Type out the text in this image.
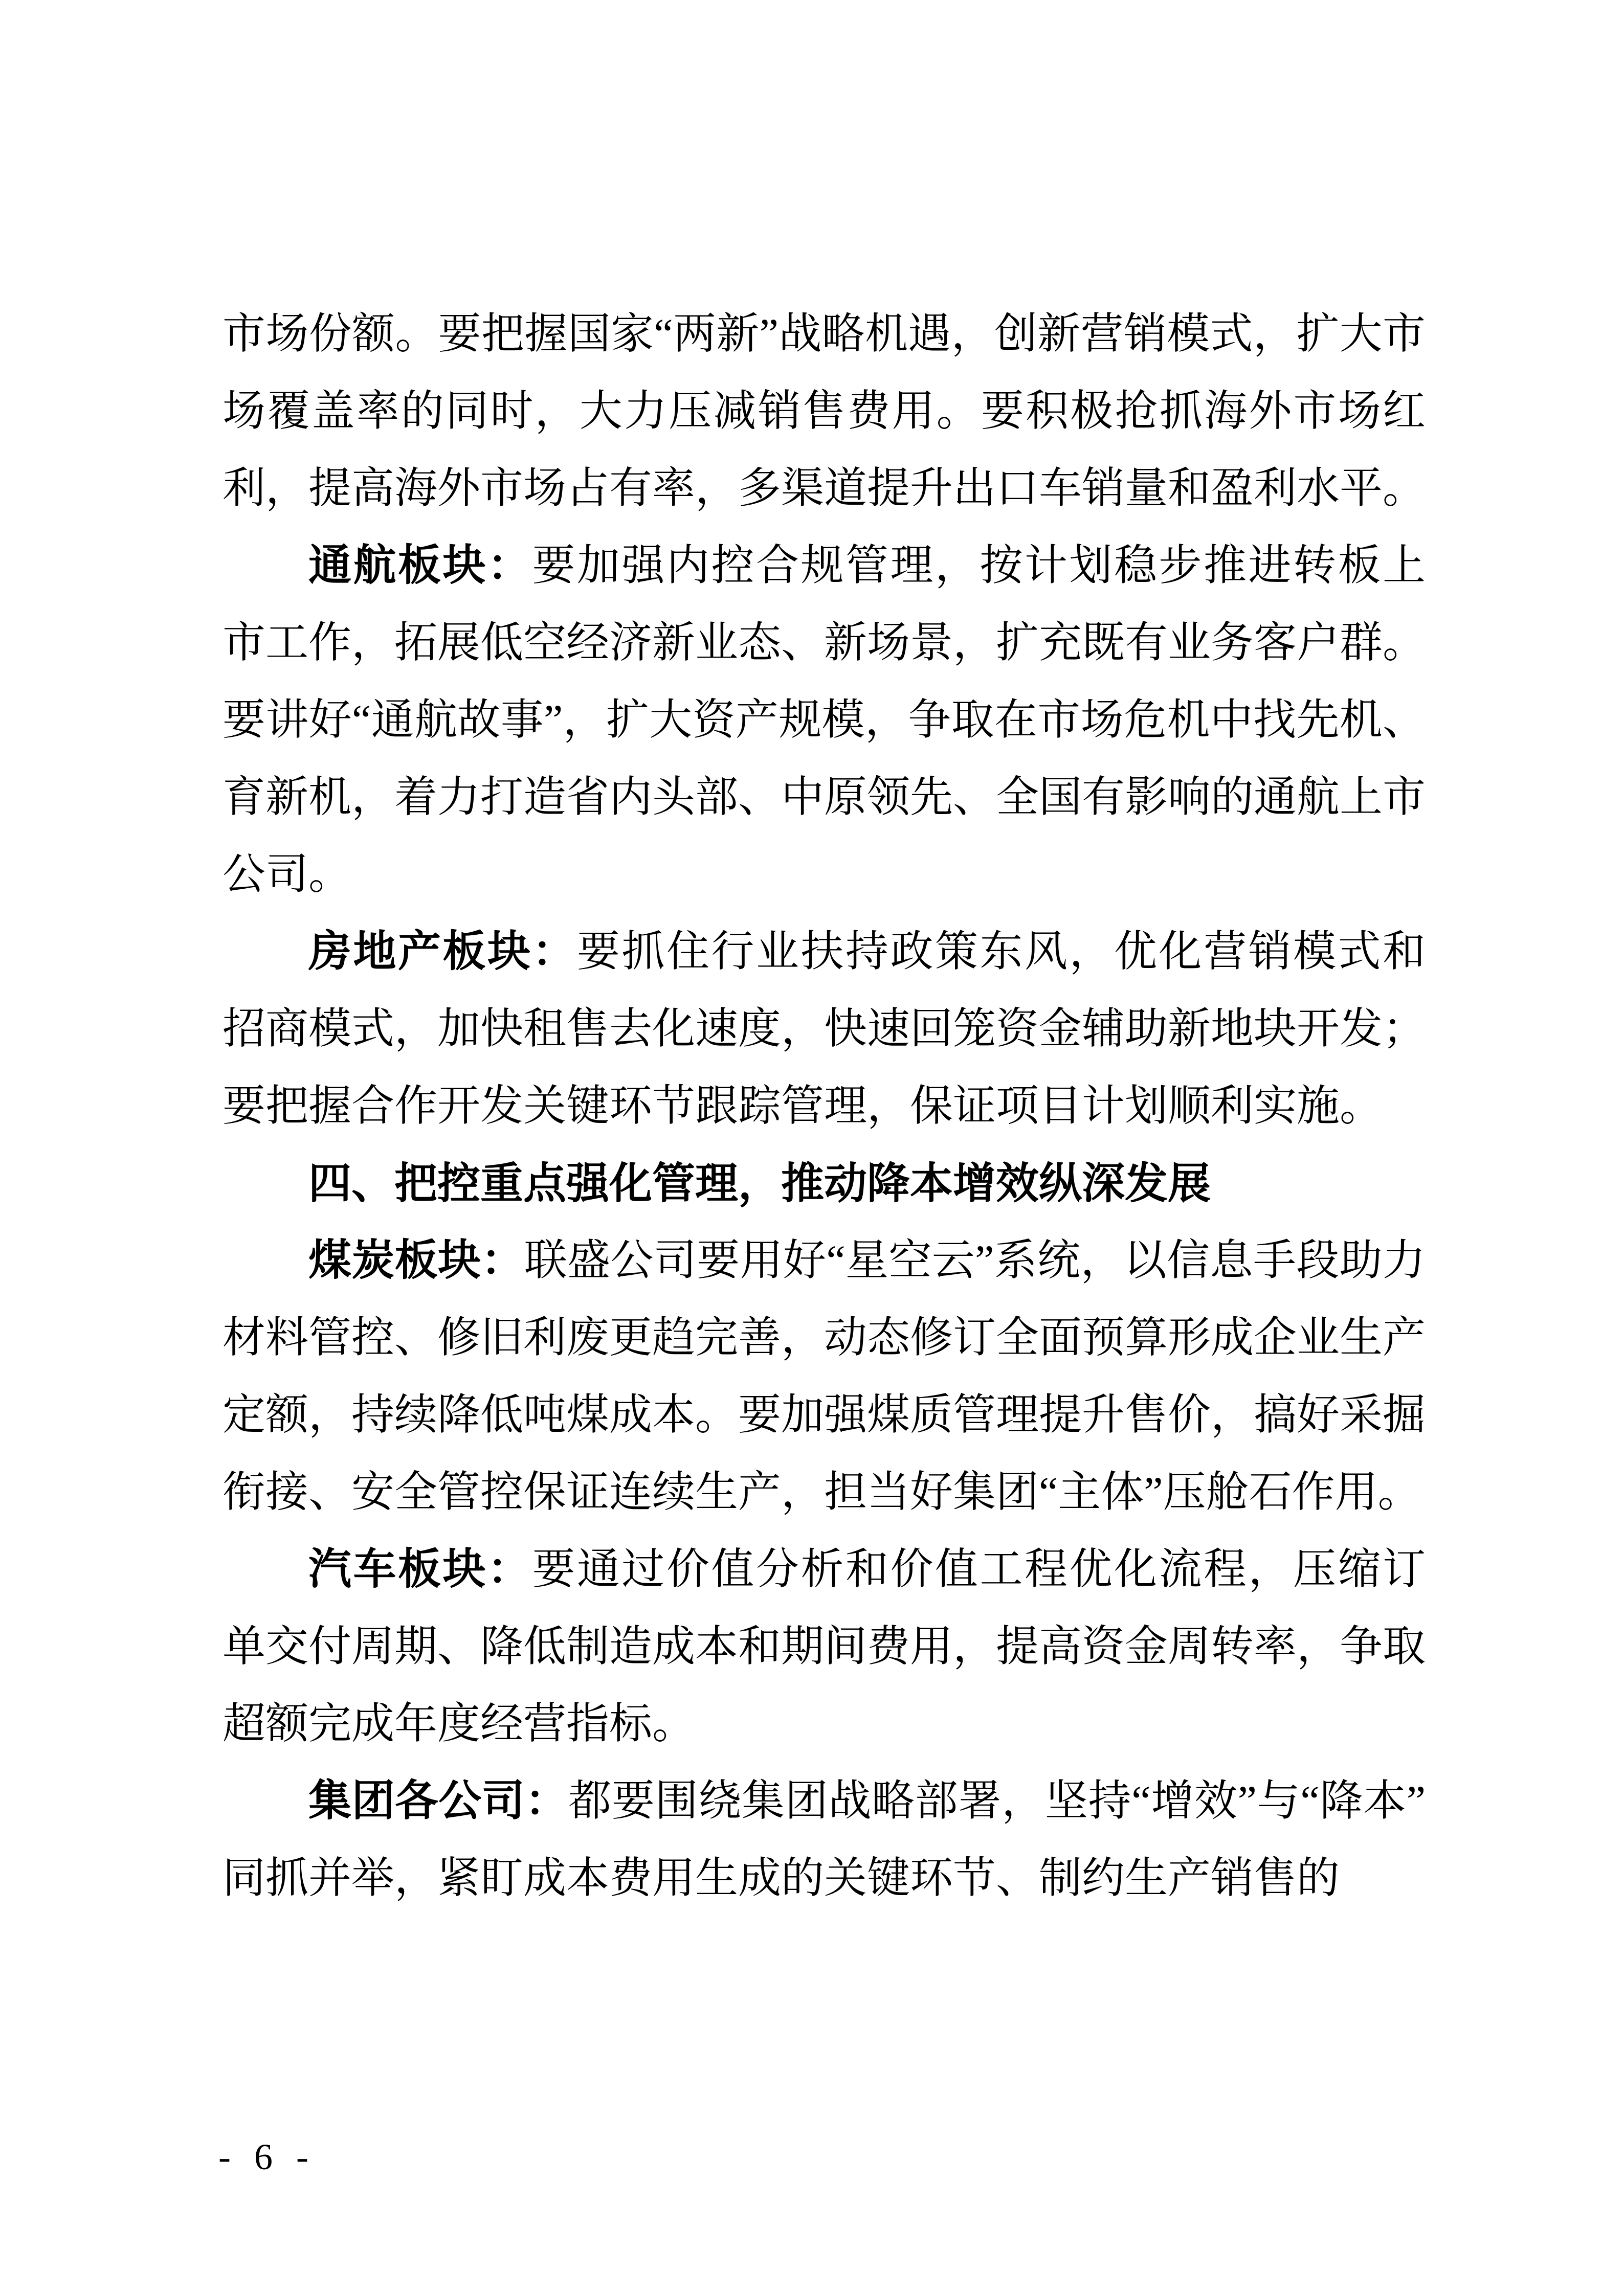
市场份额。要把握国家“两新”战略机遇，创新营销模式，扩大市场覆盖率的同时，大力压减销售费用。要积极抢抓海外市场红利，提高海外市场占有率，多渠道提升出口车销量和盈利水平。

通航板块：要加强内控合规管理，按计划稳步推进转板上市工作，拓展低空经济新业态、新场景，扩充既有业务客户群。要讲好“通航故事”，扩大资产规模，争取在市场危机中找先机、育新机，着力打造省内头部、中原领先、全国有影响的通航上市公司。

房地产板块：要抓住行业扶持政策东风，优化营销模式和招商模式，加快租售去化速度，快速回笼资金辅助新地块开发；要把握合作开发关键环节跟踪管理，保证项目计划顺利实施。

四、把控重点强化管理，推动降本增效纵深发展

煤炭板块：联盛公司要用好“星空云”系统，以信息手段助力材料管控、修旧利废更趋完善，动态修订全面预算形成企业生产定额，持续降低吨煤成本。要加强煤质管理提升售价，搞好采掘衔接、安全管控保证连续生产，担当好集团“主体”压舱石作用。

汽车板块：要通过价值分析和价值工程优化流程，压缩订单交付周期、降低制造成本和期间费用，提高资金周转率，争取超额完成年度经营指标。

集团各公司：都要围绕集团战略部署，坚持“增效”与“降本”同抓并举，紧盯成本费用生成的关键环节、制约生产销售的

- 6 -
